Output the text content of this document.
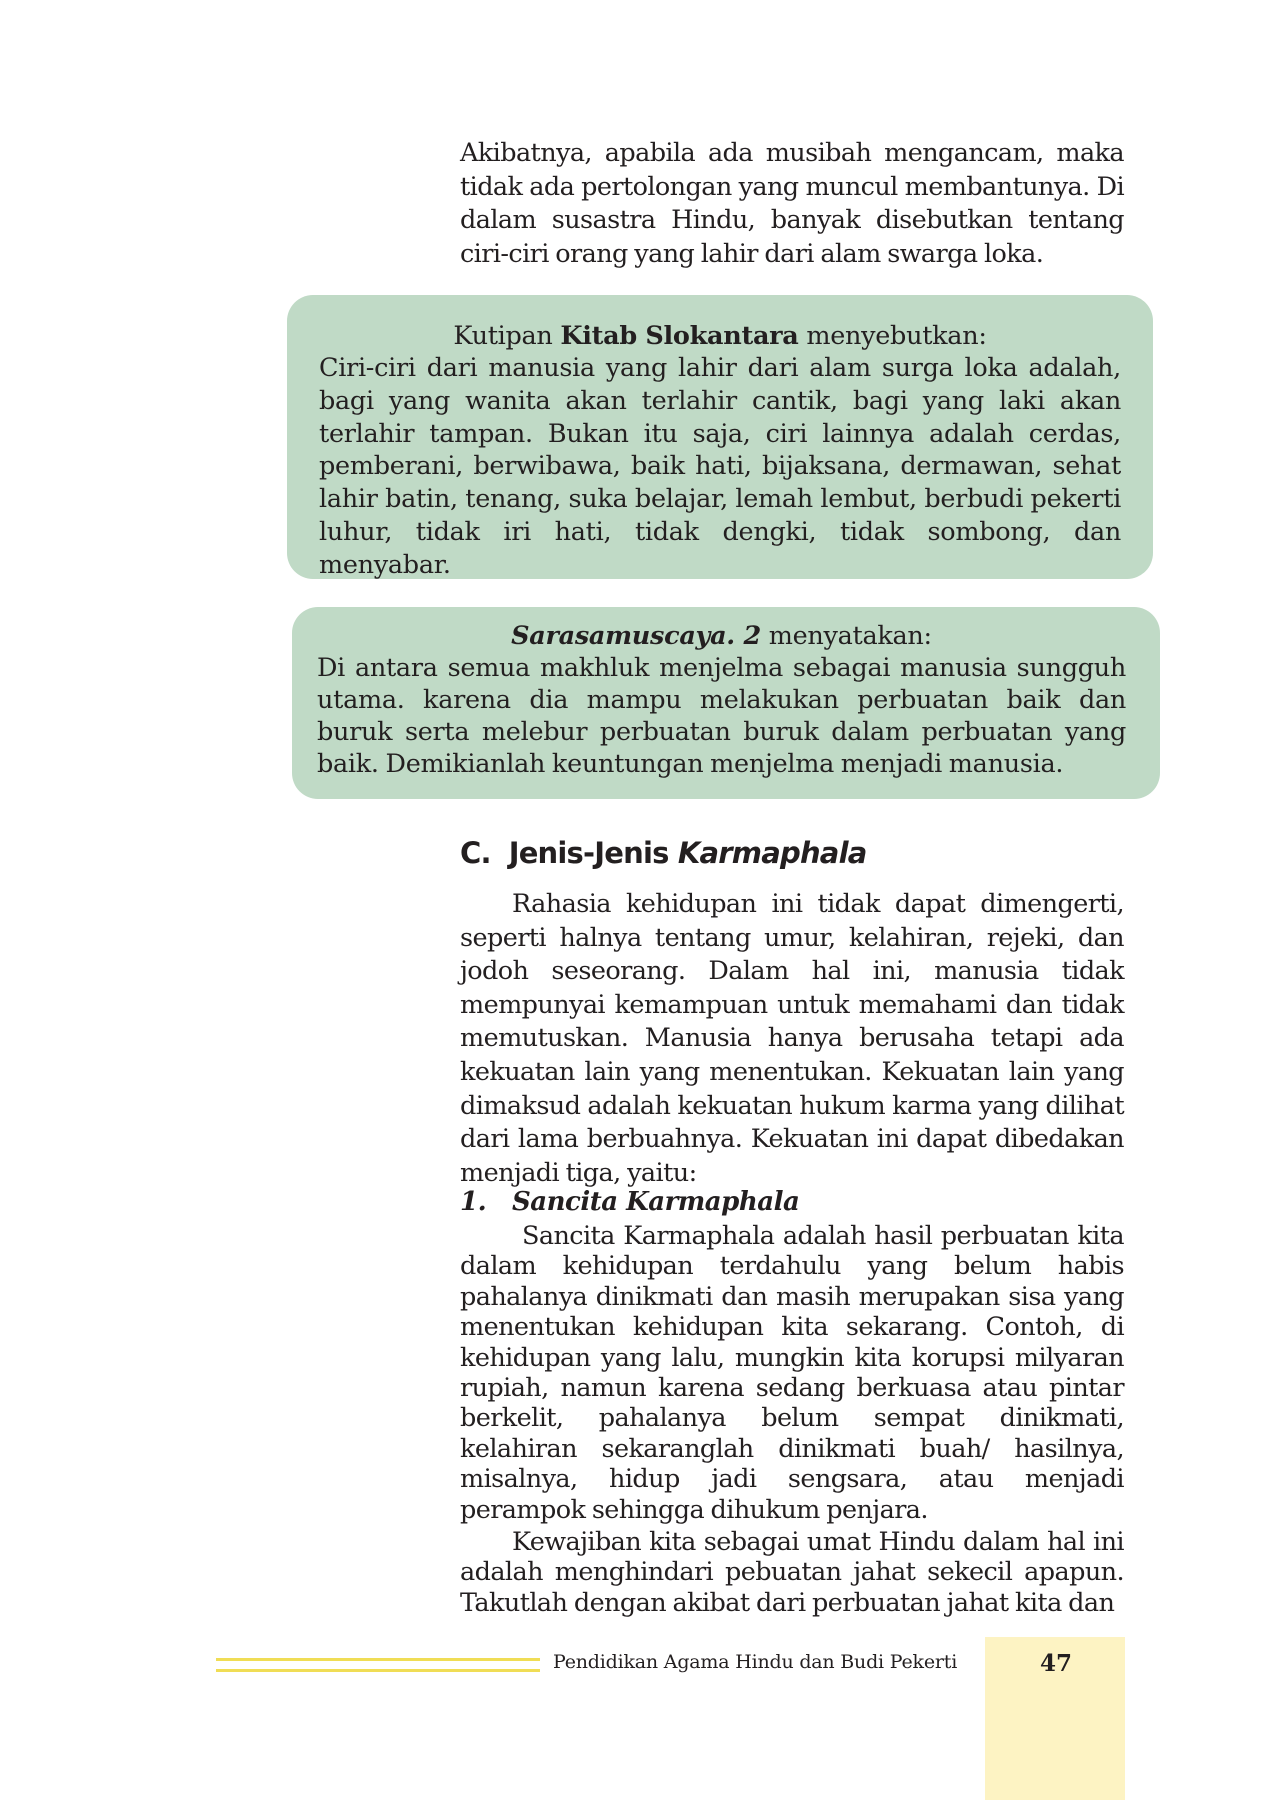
Akibatnya, apabila ada musibah mengancam, maka tidak ada pertolongan yang muncul membantunya. Di dalam susastra Hindu, banyak disebutkan tentang ciri-ciri orang yang lahir dari alam swarga loka.

Kutipan Kitab Slokantara menyebutkan:

Ciri-ciri dari manusia yang lahir dari alam surga loka adalah, bagi yang wanita akan terlahir cantik, bagi yang laki akan terlahir tampan. Bukan itu saja, ciri lainnya adalah cerdas, pemberani, berwibawa, baik hati, bijaksana, dermawan, sehat lahir batin, tenang, suka belajar, lemah lembut, berbudi pekerti luhur, tidak iri hati, tidak dengki, tidak sombong, dan menyabar.

Sarasamuscaya. 2 menyatakan:

Di antara semua makhluk menjelma sebagai manusia sungguh utama. karena dia mampu melakukan perbuatan baik dan buruk serta melebur perbuatan buruk dalam perbuatan yang baik. Demikianlah keuntungan menjelma menjadi manusia.

C. Jenis-Jenis Karmaphala

Rahasia kehidupan ini tidak dapat dimengerti, seperti halnya tentang umur, kelahiran, rejeki, dan jodoh seseorang. Dalam hal ini, manusia tidak mempunyai kemampuan untuk memahami dan tidak memutuskan. Manusia hanya berusaha tetapi ada kekuatan lain yang menentukan. Kekuatan lain yang dimaksud adalah kekuatan hukum karma yang dilihat dari lama berbuahnya. Kekuatan ini dapat dibedakan menjadi tiga, yaitu:

1. Sancita Karmaphala

Sancita Karmaphala adalah hasil perbuatan kita dalam kehidupan terdahulu yang belum habis pahalanya dinikmati dan masih merupakan sisa yang menentukan kehidupan kita sekarang. Contoh, di kehidupan yang lalu, mungkin kita korupsi milyaran rupiah, namun karena sedang berkuasa atau pintar berkelit, pahalanya belum sempat dinikmati, kelahiran sekaranglah dinikmati buah/ hasilnya, misalnya, hidup jadi sengsara, atau menjadi perampok sehingga dihukum penjara.

Kewajiban kita sebagai umat Hindu dalam hal ini adalah menghindari pebuatan jahat sekecil apapun. Takutlah dengan akibat dari perbuatan jahat kita dan

Pendidikan Agama Hindu dan Budi Pekerti	47
